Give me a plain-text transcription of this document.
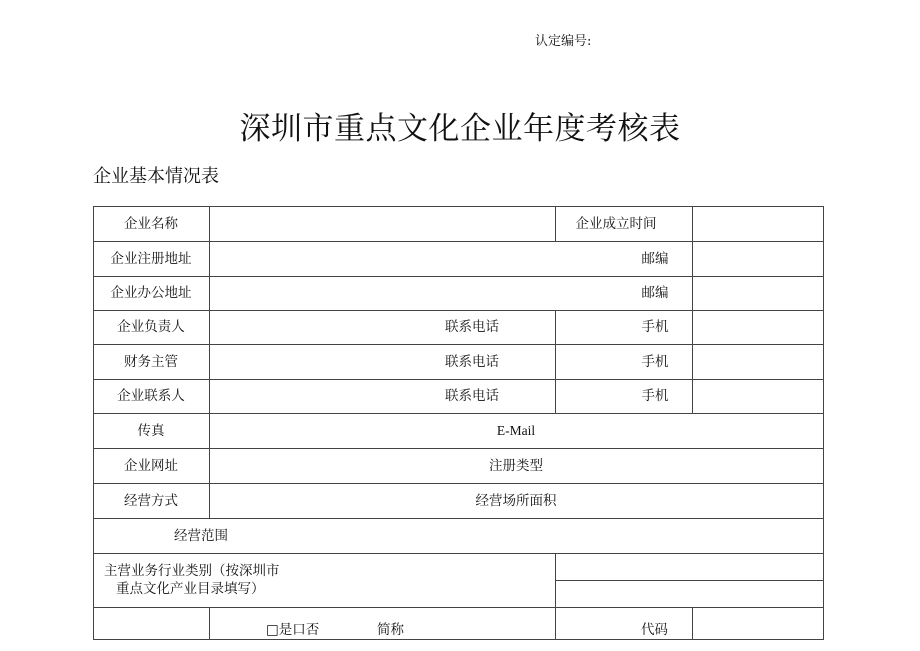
认定编号:
深圳市重点文化企业年度考核表
企业基本情况表
企业名称	企业成立时间
企业注册地址	邮编
企业办公地址	邮编
企业负责人	联系电话	手机
财务主管	联系电话	手机
企业联系人	联系电话	手机
传真	E-Mail
企业网址	注册类型
经营方式	经营场所面积
经营范围
主营业务行业类别（按深圳市
重点文化产业目录填写）
□是口否	简称	代码
